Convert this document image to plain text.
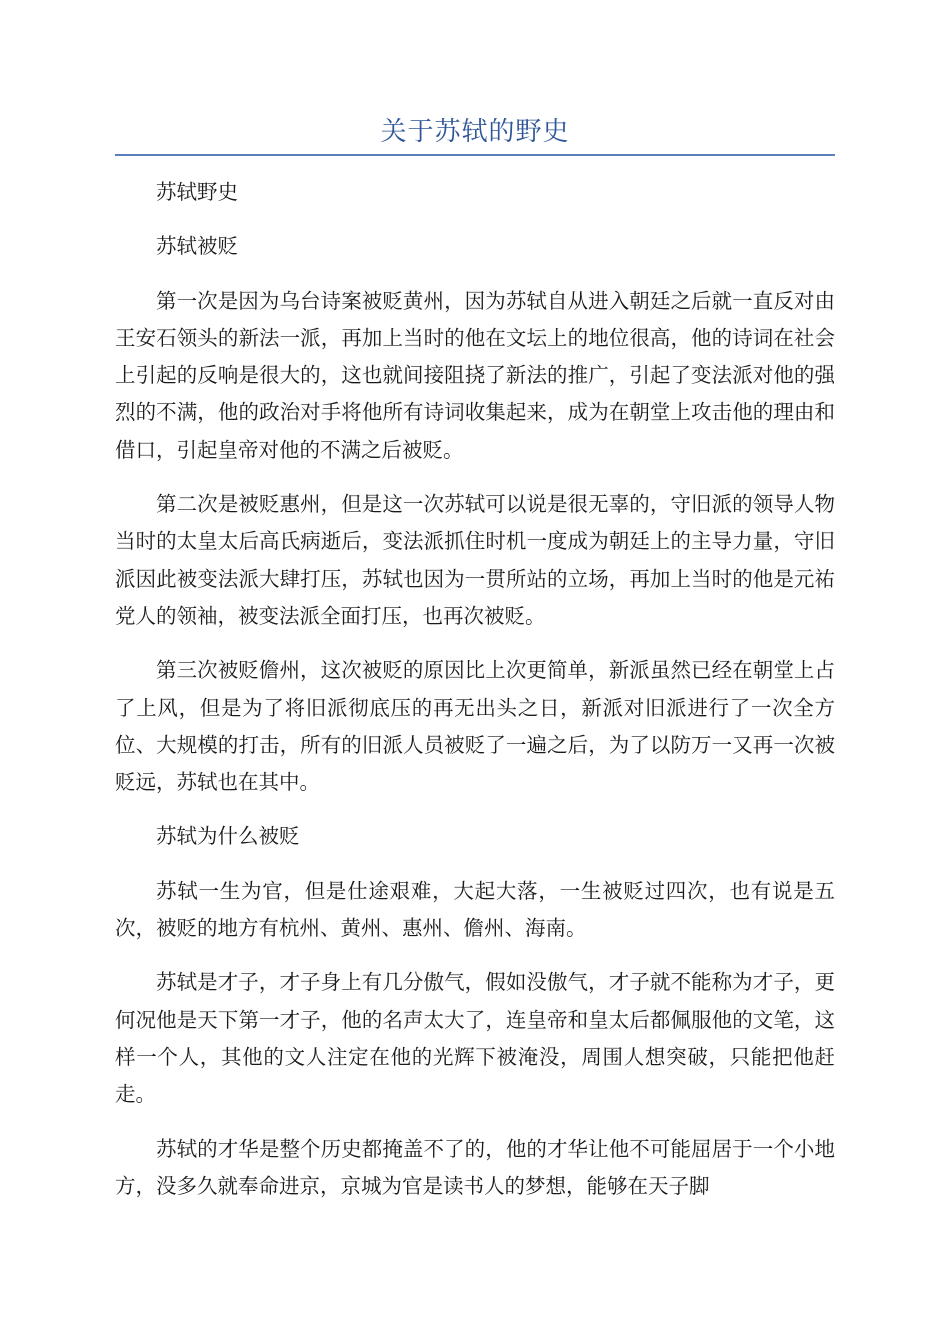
关于苏轼的野史

苏轼野史

苏轼被贬

第一次是因为乌台诗案被贬黄州，因为苏轼自从进入朝廷之后就一直反对由王安石领头的新法一派，再加上当时的他在文坛上的地位很高，他的诗词在社会上引起的反响是很大的，这也就间接阻挠了新法的推广，引起了变法派对他的强烈的不满，他的政治对手将他所有诗词收集起来，成为在朝堂上攻击他的理由和借口，引起皇帝对他的不满之后被贬。

第二次是被贬惠州，但是这一次苏轼可以说是很无辜的，守旧派的领导人物当时的太皇太后高氏病逝后，变法派抓住时机一度成为朝廷上的主导力量，守旧派因此被变法派大肆打压，苏轼也因为一贯所站的立场，再加上当时的他是元祐党人的领袖，被变法派全面打压，也再次被贬。

第三次被贬儋州，这次被贬的原因比上次更简单，新派虽然已经在朝堂上占了上风，但是为了将旧派彻底压的再无出头之日，新派对旧派进行了一次全方位、大规模的打击，所有的旧派人员被贬了一遍之后，为了以防万一又再一次被贬远，苏轼也在其中。

苏轼为什么被贬

苏轼一生为官，但是仕途艰难，大起大落，一生被贬过四次，也有说是五次，被贬的地方有杭州、黄州、惠州、儋州、海南。

苏轼是才子，才子身上有几分傲气，假如没傲气，才子就不能称为才子，更何况他是天下第一才子，他的名声太大了，连皇帝和皇太后都佩服他的文笔，这样一个人，其他的文人注定在他的光辉下被淹没，周围人想突破，只能把他赶走。

苏轼的才华是整个历史都掩盖不了的，他的才华让他不可能屈居于一个小地方，没多久就奉命进京，京城为官是读书人的梦想，能够在天子脚
